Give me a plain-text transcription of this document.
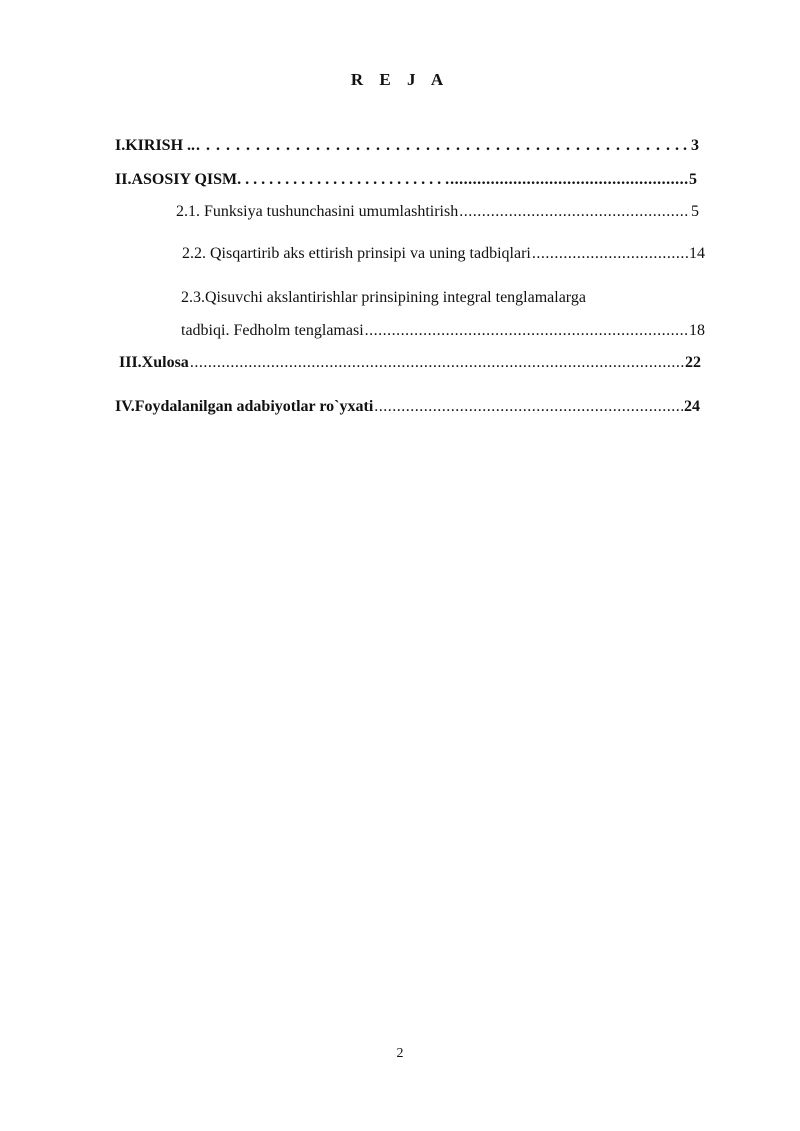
R E J A
I.KIRISH .. . . .	. . 3
II.ASOSIY QISM. . . . . . . . . . . . . . . . . . . . . . . . . . . .....	5
2.1. Funksiya tushunchasini umumlashtirish .....	5
2.2. Qisqartirib aks ettirish prinsipi va uning tadbiqlari .....	14
2.3.Qisuvchi akslantirishlar prinsipining integral tenglamalarga
tadbiqi. Fedholm tenglamasi .....	18
III.Xulosa .....	22
IV.Foydalanilgan adabiyotlar ro`yxati .....	24
2
